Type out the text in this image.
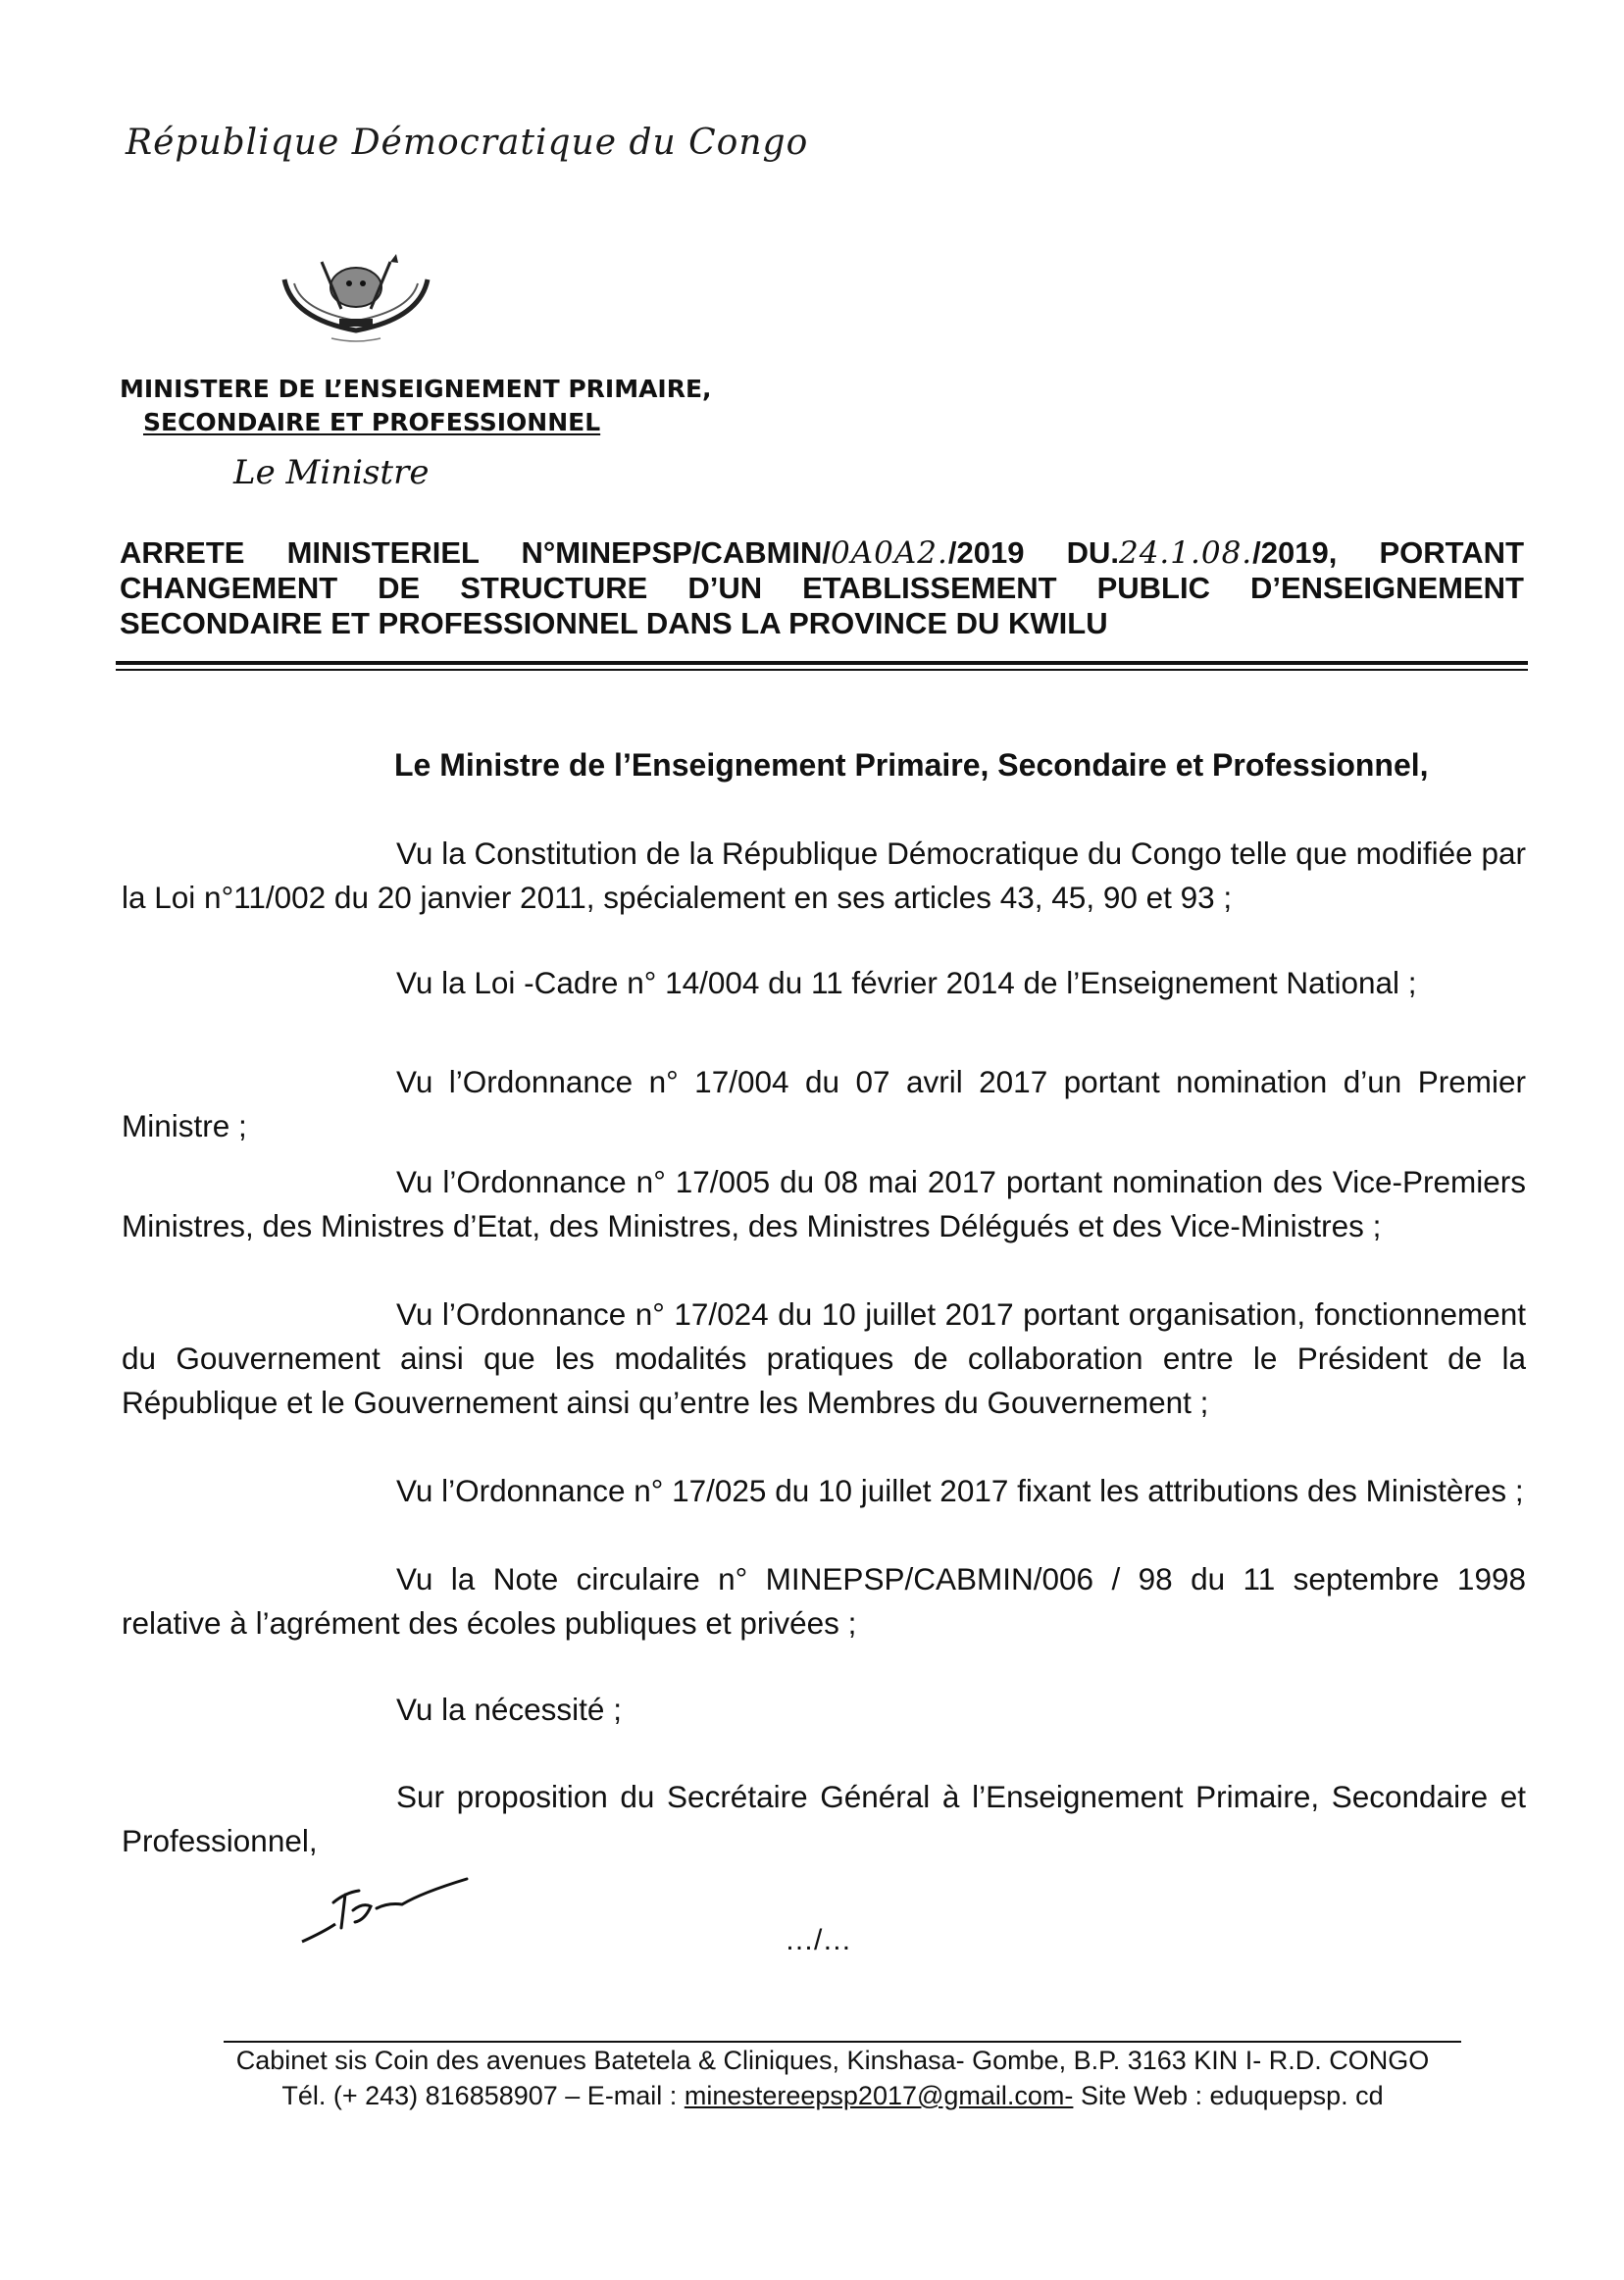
République Démocratique du Congo
MINISTERE DE L’ENSEIGNEMENT PRIMAIRE,
SECONDAIRE ET PROFESSIONNEL
Le Ministre
ARRETE MINISTERIEL N°MINEPSP/CABMIN/0A0A2./2019 DU.24.1.08./2019, PORTANT
CHANGEMENT DE STRUCTURE D’UN ETABLISSEMENT PUBLIC D’ENSEIGNEMENT
SECONDAIRE ET PROFESSIONNEL DANS LA PROVINCE DU KWILU
Le Ministre de l’Enseignement Primaire, Secondaire et Professionnel,

Vu la Constitution de la République Démocratique du Congo telle que modifiée par la Loi n°11/002 du 20 janvier 2011, spécialement en ses articles 43, 45, 90 et 93 ;

Vu la Loi -Cadre n° 14/004 du 11 février 2014 de l’Enseignement National ;

Vu l’Ordonnance n° 17/004 du 07 avril 2017 portant nomination d’un Premier Ministre ;

Vu l’Ordonnance n° 17/005 du 08 mai 2017 portant nomination des Vice-Premiers Ministres, des Ministres d’Etat, des Ministres, des Ministres Délégués et des Vice-Ministres ;

Vu l’Ordonnance n° 17/024 du 10 juillet 2017 portant organisation, fonctionnement du Gouvernement ainsi que les modalités pratiques de collaboration entre le Président de la République et le Gouvernement ainsi qu’entre les Membres du Gouvernement ;

Vu l’Ordonnance n° 17/025 du 10 juillet 2017 fixant les attributions des Ministères ;

Vu la Note circulaire n° MINEPSP/CABMIN/006 / 98 du 11 septembre 1998 relative à l’agrément des écoles publiques et privées ;

Vu la nécessité ;

Sur proposition du Secrétaire Général à l’Enseignement Primaire, Secondaire et Professionnel,

…/…
Cabinet sis Coin des avenues Batetela & Cliniques, Kinshasa- Gombe, B.P. 3163 KIN I- R.D. CONGO
Tél. (+ 243) 816858907 – E-mail : minestereepsp2017@gmail.com- Site Web : eduquepsp. cd
